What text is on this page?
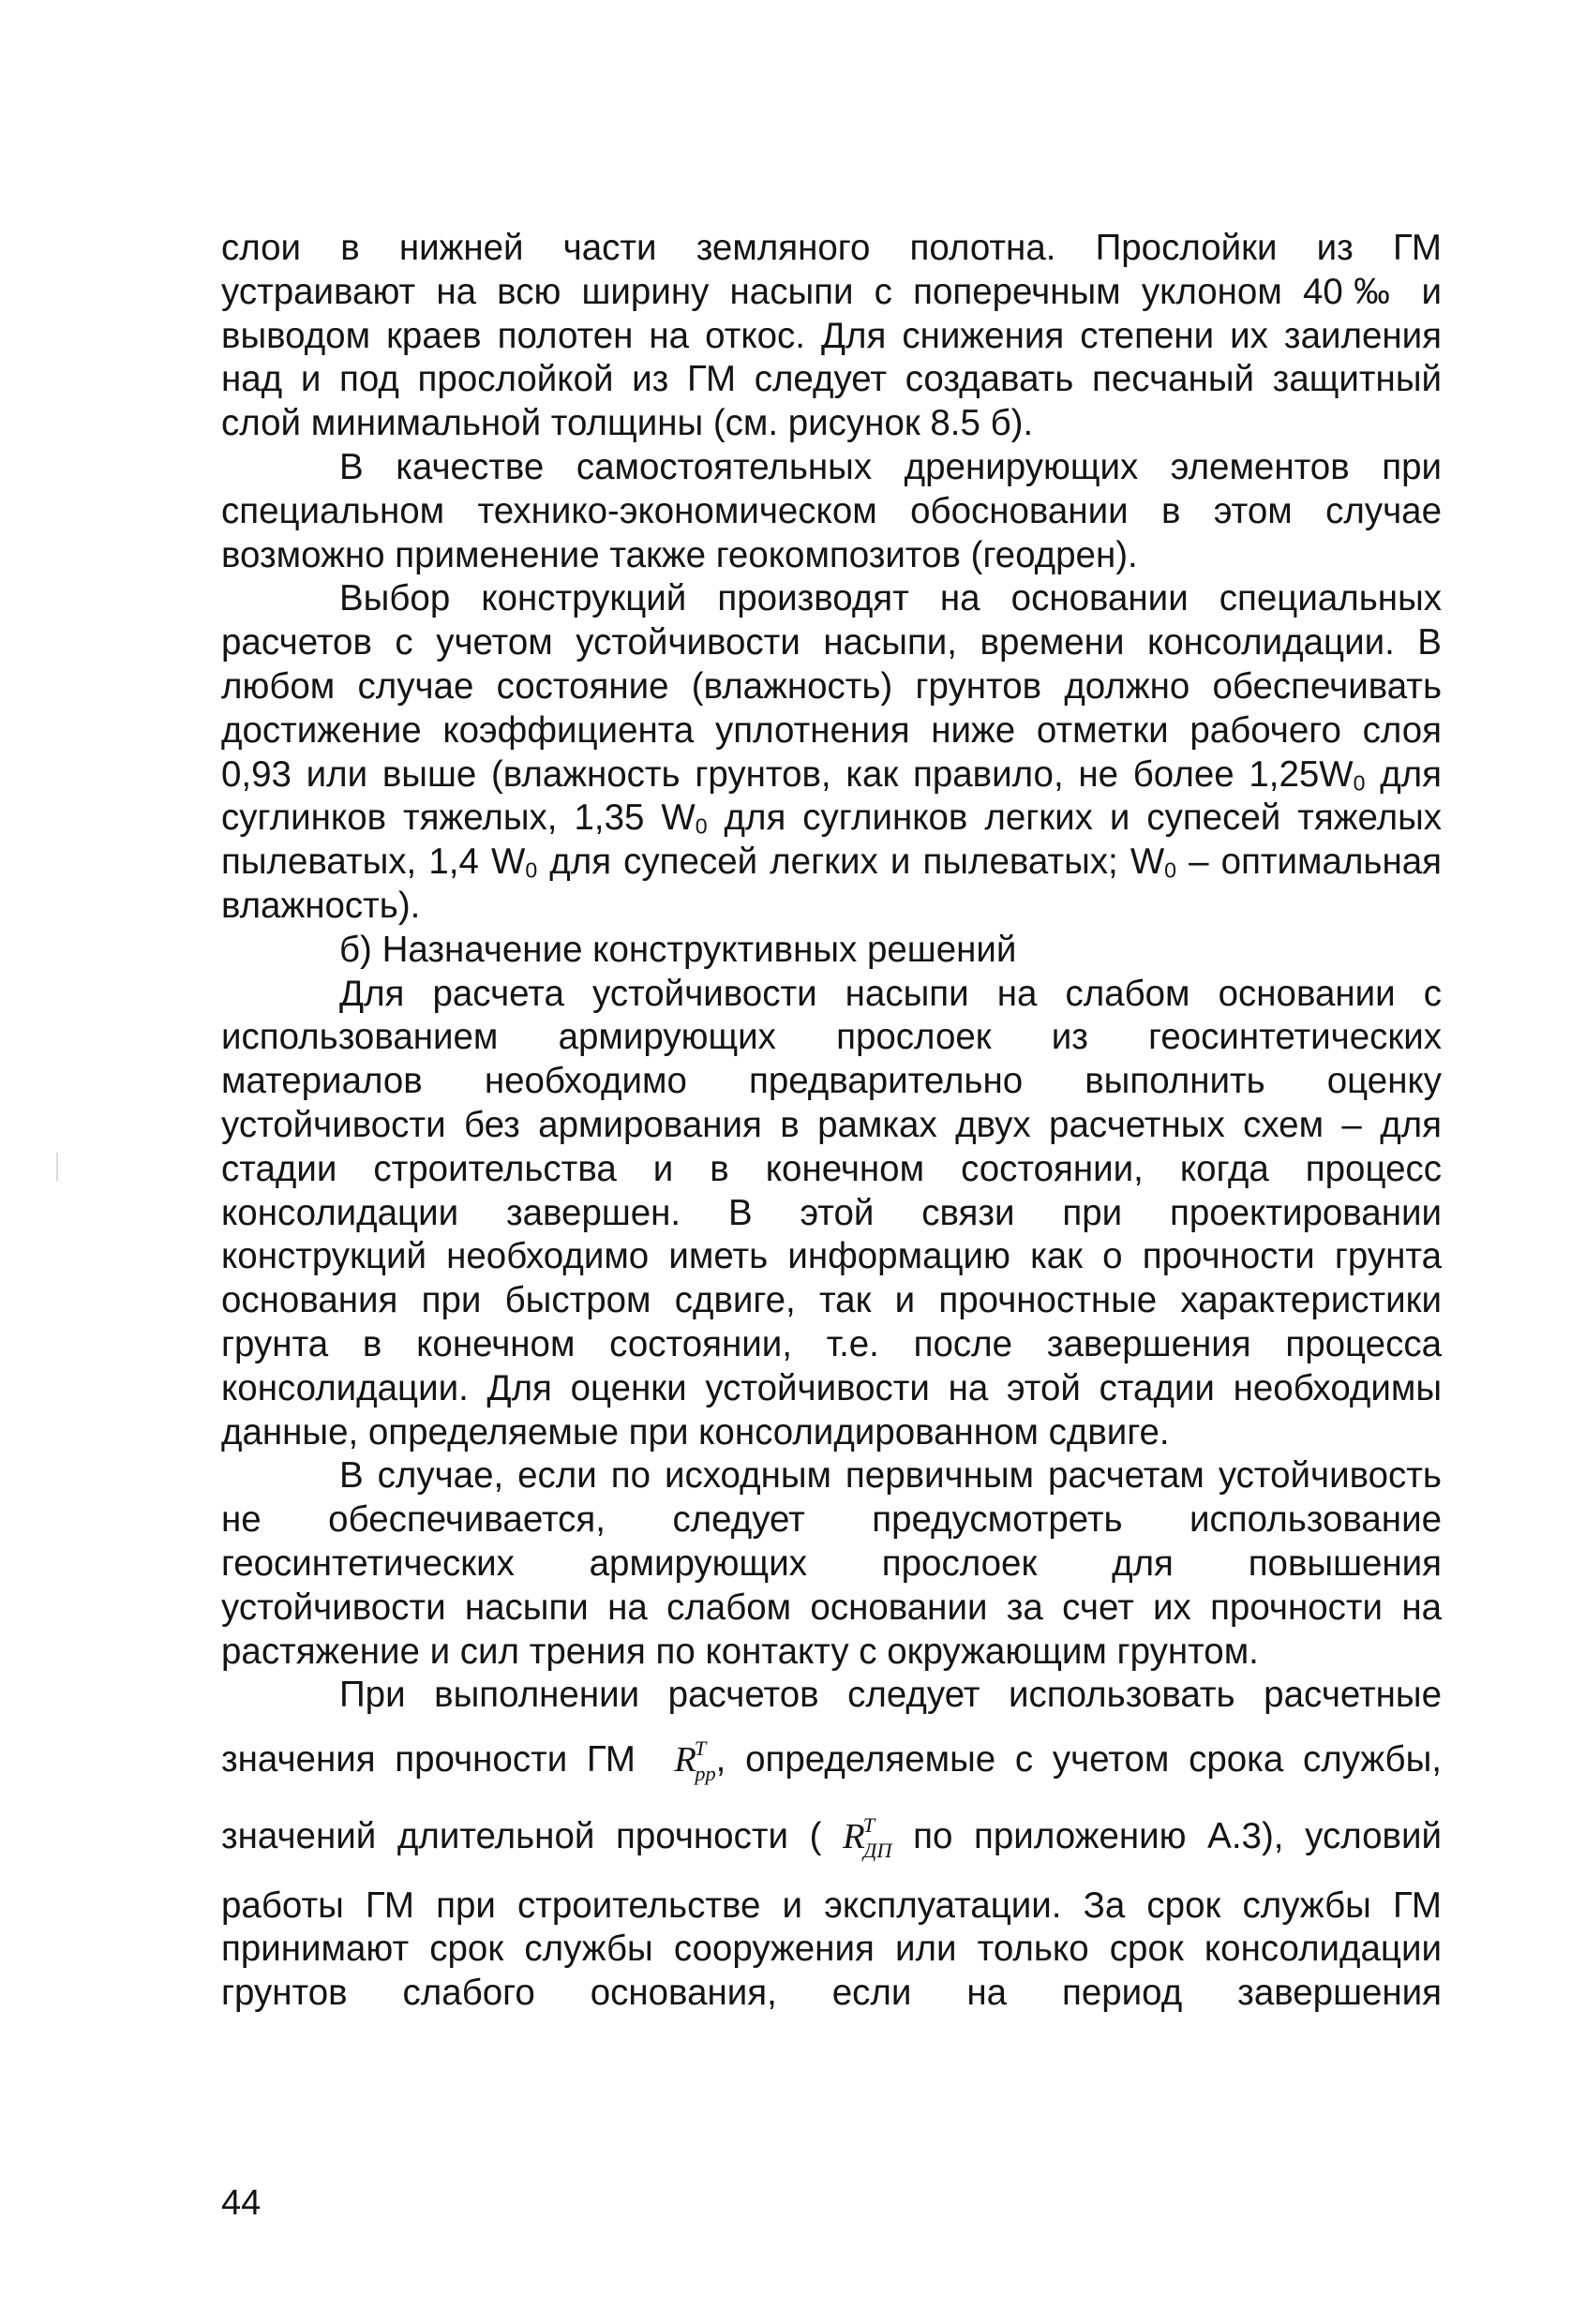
слои в нижней части земляного полотна. Прослойки из ГМ
устраивают на всю ширину насыпи с поперечным уклоном 40‰ и
выводом краев полотен на откос. Для снижения степени их заиления
над и под прослойкой из ГМ следует создавать песчаный защитный
слой минимальной толщины (см. рисунок 8.5 б).
В качестве самостоятельных дренирующих элементов при
специальном технико-экономическом обосновании в этом случае
возможно применение также геокомпозитов (геодрен).
Выбор конструкций производят на основании специальных
расчетов с учетом устойчивости насыпи, времени консолидации. В
любом случае состояние (влажность) грунтов должно обеспечивать
достижение коэффициента уплотнения ниже отметки рабочего слоя
0,93 или выше (влажность грунтов, как правило, не более $1,25W_0$ для
суглинков тяжелых, 1,35 $W_0$ для суглинков легких и супесей тяжелых
пылеватых, 1,4 $W_0$ для супесей легких и пылеватых; $W_0$ – оптимальная
влажность).
б) Назначение конструктивных решений
Для расчета устойчивости насыпи на слабом основании с
использованием армирующих прослоек из геосинтетических
материалов необходимо предварительно выполнить оценку
устойчивости без армирования в рамках двух расчетных схем – для
стадии строительства и в конечном состоянии, когда процесс
консолидации завершен. В этой связи при проектировании
конструкций необходимо иметь информацию как о прочности грунта
основания при быстром сдвиге, так и прочностные характеристики
грунта в конечном состоянии, т.е. после завершения процесса
консолидации. Для оценки устойчивости на этой стадии необходимы
данные, определяемые при консолидированном сдвиге.
В случае, если по исходным первичным расчетам устойчивость
не обеспечивается, следует предусмотреть использование
геосинтетических армирующих прослоек для повышения
устойчивости насыпи на слабом основании за счет их прочности на
растяжение и сил трения по контакту с окружающим грунтом.
При выполнении расчетов следует использовать расчетные
значения прочности ГМ $R^T_{pp}$, определяемые с учетом срока службы,
значений длительной прочности ( $R^T_{ДП}$ по приложению А.3), условий
работы ГМ при строительстве и эксплуатации. За срок службы ГМ
принимают срок службы сооружения или только срок консолидации
грунтов слабого основания, если на период завершения
44
